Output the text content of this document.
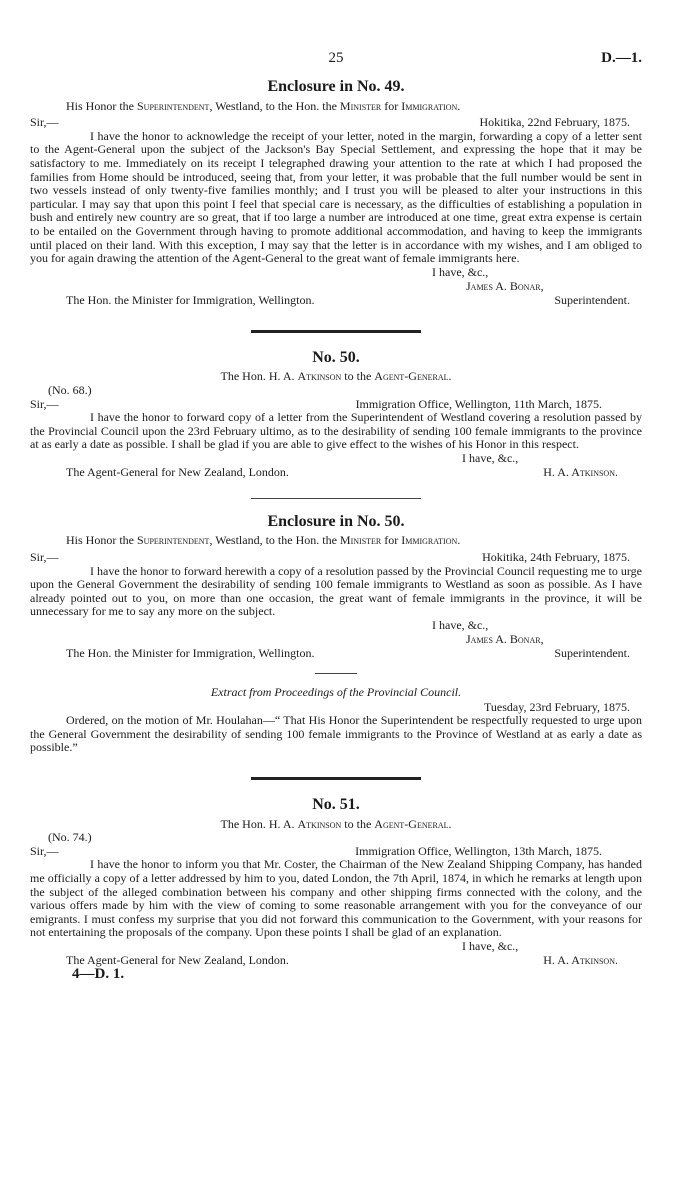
25	D.—1.
Enclosure in No. 49.
His Honor the Superintendent, Westland, to the Hon. the Minister for Immigration.
Sir,—	Hokitika, 22nd February, 1875.

I have the honor to acknowledge the receipt of your letter, noted in the margin, forwarding a copy of a letter sent to the Agent-General upon the subject of the Jackson's Bay Special Settlement, and expressing the hope that it may be satisfactory to me. Immediately on its receipt I telegraphed drawing your attention to the rate at which I had proposed the families from Home should be introduced, seeing that, from your letter, it was probable that the full number would be sent in two vessels instead of only twenty-five families monthly; and I trust you will be pleased to alter your instructions in this particular. I may say that upon this point I feel that special care is necessary, as the difficulties of establishing a population in bush and entirely new country are so great, that if too large a number are introduced at one time, great extra expense is certain to be entailed on the Government through having to promote additional accommodation, and having to keep the immigrants until placed on their land. With this exception, I may say that the letter is in accordance with my wishes, and I am obliged to you for again drawing the attention of the Agent-General to the great want of female immigrants here.

I have, &c.,
James A. Bonar,
The Hon. the Minister for Immigration, Wellington.	Superintendent.
No. 50.
The Hon. H. A. Atkinson to the Agent-General.
(No. 68.)
Sir,—	Immigration Office, Wellington, 11th March, 1875.

I have the honor to forward copy of a letter from the Superintendent of Westland covering a resolution passed by the Provincial Council upon the 23rd February ultimo, as to the desirability of sending 100 female immigrants to the province at as early a date as possible. I shall be glad if you are able to give effect to the wishes of his Honor in this respect.

I have, &c.,
The Agent-General for New Zealand, London.	H. A. Atkinson.
Enclosure in No. 50.
His Honor the Superintendent, Westland, to the Hon. the Minister for Immigration.
Sir,—	Hokitika, 24th February, 1875.

I have the honor to forward herewith a copy of a resolution passed by the Provincial Council requesting me to urge upon the General Government the desirability of sending 100 female immigrants to Westland as soon as possible. As I have already pointed out to you, on more than one occasion, the great want of female immigrants in the province, it will be unnecessary for me to say any more on the subject.

I have, &c.,
James A. Bonar,
The Hon. the Minister for Immigration, Wellington.	Superintendent.
Extract from Proceedings of the Provincial Council.
Tuesday, 23rd February, 1875.

Ordered, on the motion of Mr. Houlahan—“ That His Honor the Superintendent be respectfully requested to urge upon the General Government the desirability of sending 100 female immigrants to the Province of Westland at as early a date as possible.”

No. 51.
The Hon. H. A. Atkinson to the Agent-General.
(No. 74.)
Sir,—	Immigration Office, Wellington, 13th March, 1875.

I have the honor to inform you that Mr. Coster, the Chairman of the New Zealand Shipping Company, has handed me officially a copy of a letter addressed by him to you, dated London, the 7th April, 1874, in which he remarks at length upon the subject of the alleged combination between his company and other shipping firms connected with the colony, and the various offers made by him with the view of coming to some reasonable arrangement with you for the conveyance of our emigrants. I must confess my surprise that you did not forward this communication to the Government, with your reasons for not entertaining the proposals of the company. Upon these points I shall be glad of an explanation.

I have, &c.,
The Agent-General for New Zealand, London.	H. A. Atkinson.
4—D. 1.
